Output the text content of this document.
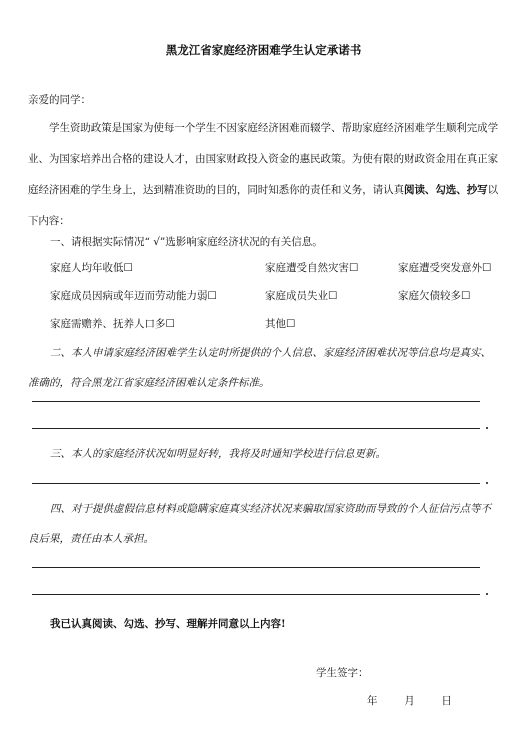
黑龙江省家庭经济困难学生认定承诺书
亲爱的同学：
学生资助政策是国家为使每一个学生不因家庭经济困难而辍学、帮助家庭经济困难学生顺利完成学业、为国家培养出合格的建设人才，由国家财政投入资金的惠民政策。为使有限的财政资金用在真正家庭经济困难的学生身上，达到精准资助的目的，同时知悉你的责任和义务，请认真阅读、勾选、抄写以下内容：
一、请根据实际情况“ √”选影响家庭经济状况的有关信息。
家庭人均年收低☐	家庭遭受自然灾害☐	家庭遭受突发意外☐
家庭成员因病或年迈而劳动能力弱☐	家庭成员失业☐	家庭欠债较多☐
家庭需赡养、抚养人口多☐	其他☐
二、本人申请家庭经济困难学生认定时所提供的个人信息、家庭经济困难状况等信息均是真实、
准确的，符合黑龙江省家庭经济困难认定条件标准。
三、本人的家庭经济状况如明显好转，我将及时通知学校进行信息更新。
四、对于提供虚假信息材料或隐瞒家庭真实经济状况来骗取国家资助而导致的个人征信污点等不
良后果，责任由本人承担。
我已认真阅读、勾选、抄写、理解并同意以上内容!
学生签字：
年	月	日
